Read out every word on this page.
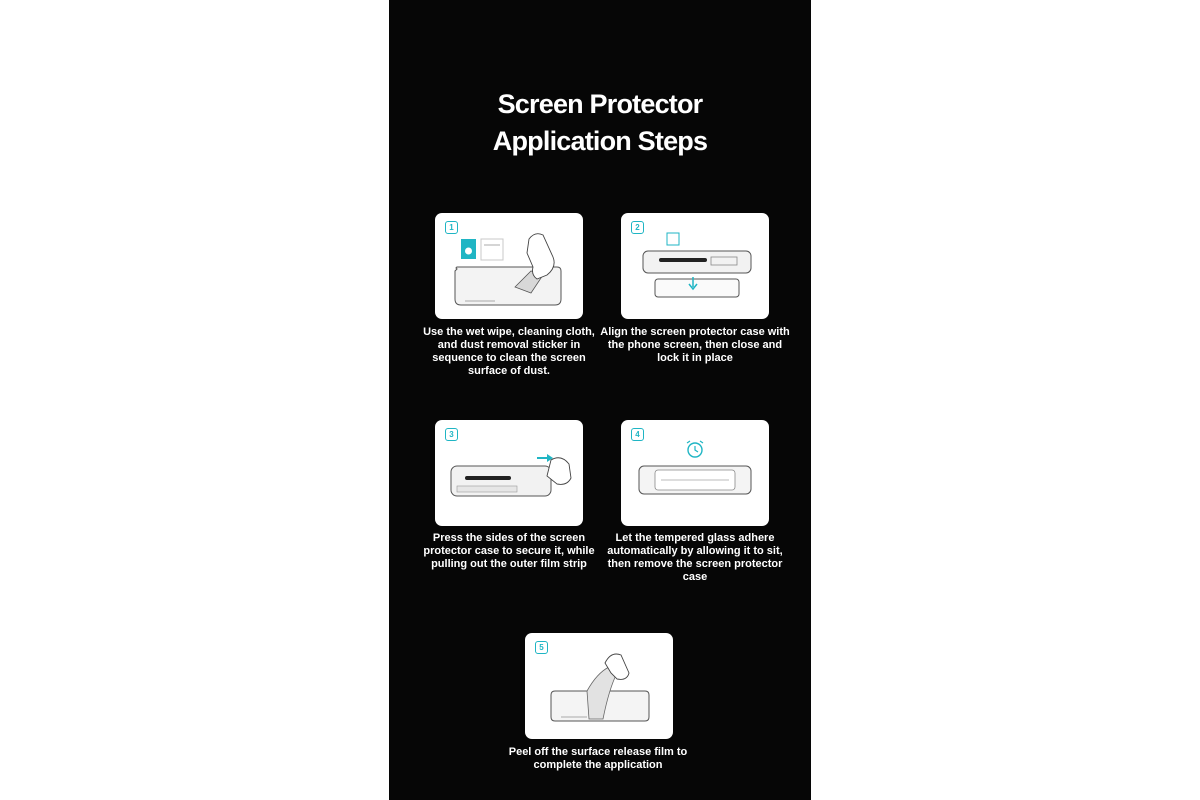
Screen Protector
Application Steps
1
Use the wet wipe, cleaning cloth, and dust removal sticker in sequence to clean the screen surface of dust.
2
Align the screen protector case with the phone screen, then close and lock it in place
3
Press the sides of the screen protector case to secure it, while pulling out the outer film strip
4
Let the tempered glass adhere automatically by allowing it to sit, then remove the screen protector case
5
Peel off the surface release film to complete the application
